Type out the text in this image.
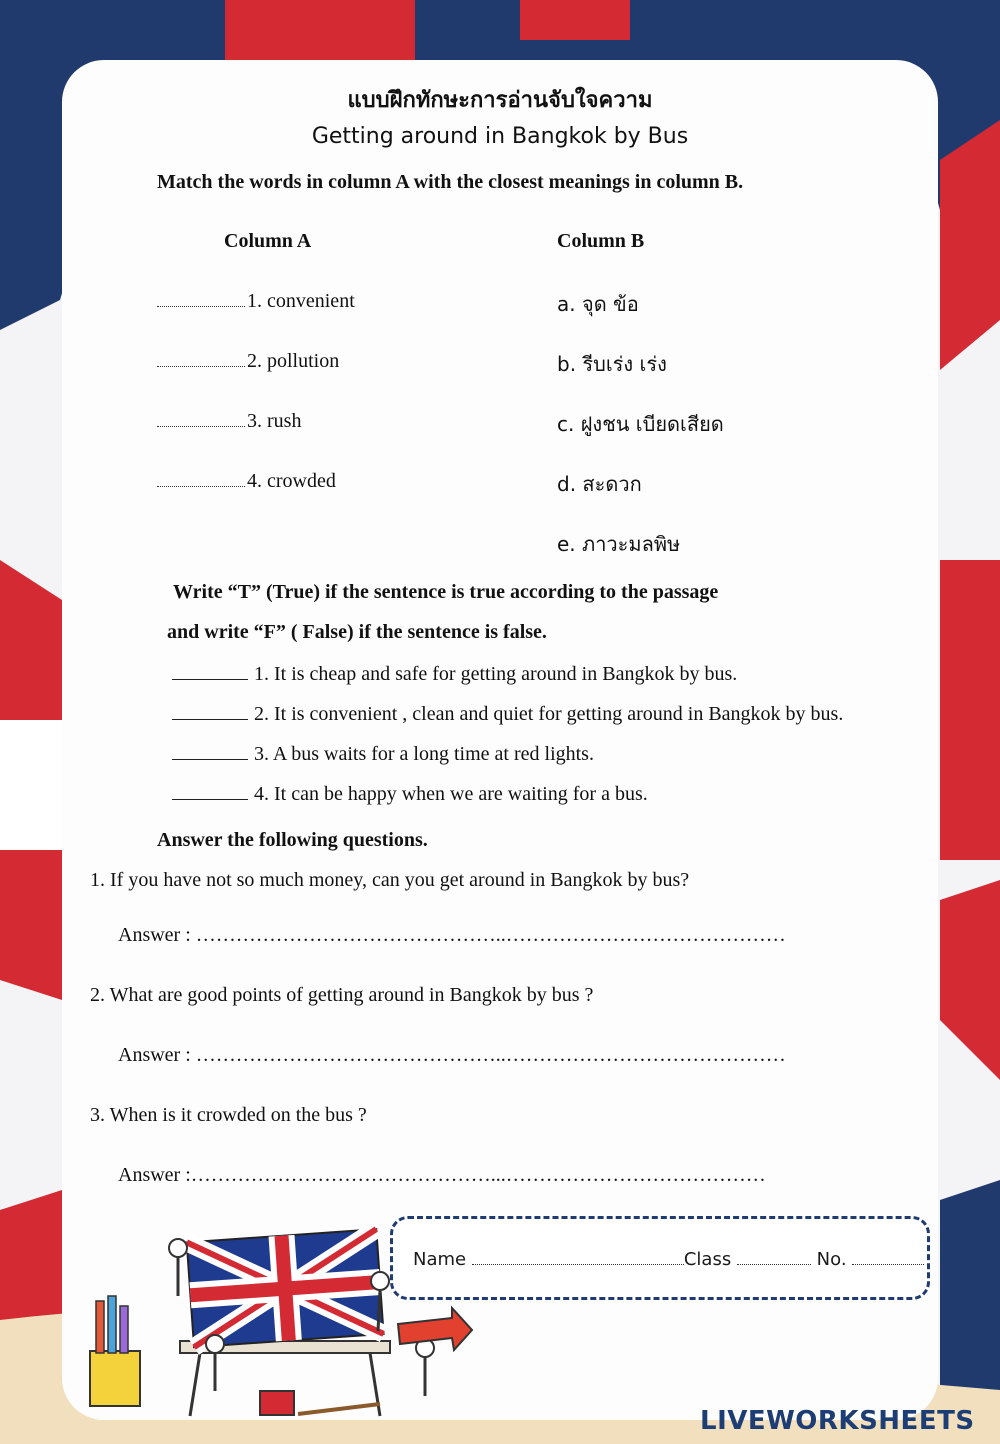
แบบฝึกทักษะการอ่านจับใจความ
Getting around in Bangkok by Bus
Match the words in column A with the closest meanings in column B.
Column A	Column B
1. convenient
2. pollution
3. rush
4. crowded
a. จุด ข้อ
b. รีบเร่ง เร่ง
c. ฝูงชน เบียดเสียด
d. สะดวก
e. ภาวะมลพิษ
Write “T” (True) if the sentence is true according to the passage
and write “F” ( False) if the sentence is false.
1. It is cheap and safe for getting around in Bangkok by bus.
2. It is convenient , clean and quiet for getting around in Bangkok by bus.
3. A bus waits for a long time at red lights.
4. It can be happy when we are waiting for a bus.
Answer the following questions.
1. If you have not so much money, can you get around in Bangkok by bus?
Answer : ………………………………………..……………………………………
2. What are good points of getting around in Bangkok by bus ?
Answer : ………………………………………..……………………………………
3. When is it crowded on the bus ?
Answer :………………………………………...…………………………………
Name	Class	No.
LIVEWORKSHEETS
